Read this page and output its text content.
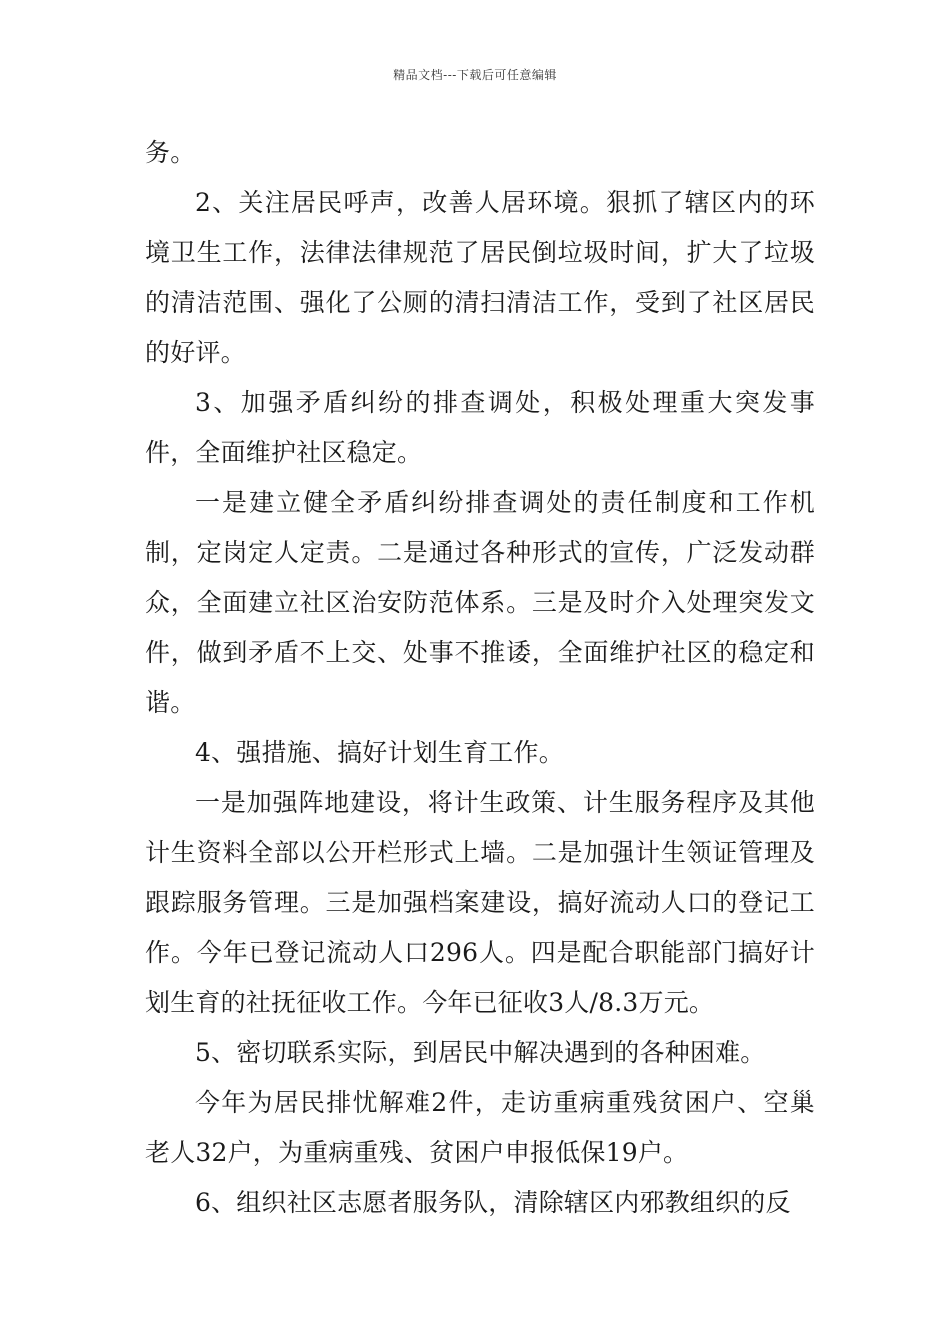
精品文档---下载后可任意编辑

务。

2、关注居民呼声，改善人居环境。狠抓了辖区内的环境卫生工作，法律法律规范了居民倒垃圾时间，扩大了垃圾的清洁范围、强化了公厕的清扫清洁工作，受到了社区居民的好评。

3、加强矛盾纠纷的排查调处，积极处理重大突发事件，全面维护社区稳定。

一是建立健全矛盾纠纷排查调处的责任制度和工作机制，定岗定人定责。二是通过各种形式的宣传，广泛发动群众，全面建立社区治安防范体系。三是及时介入处理突发文件，做到矛盾不上交、处事不推诿，全面维护社区的稳定和谐。

4、强措施、搞好计划生育工作。

一是加强阵地建设，将计生政策、计生服务程序及其他计生资料全部以公开栏形式上墙。二是加强计生领证管理及跟踪服务管理。三是加强档案建设，搞好流动人口的登记工作。今年已登记流动人口296人。四是配合职能部门搞好计划生育的社抚征收工作。今年已征收3人/8.3万元。

5、密切联系实际，到居民中解决遇到的各种困难。

今年为居民排忧解难2件，走访重病重残贫困户、空巢老人32户，为重病重残、贫困户申报低保19户。

6、组织社区志愿者服务队，清除辖区内邪教组织的反
